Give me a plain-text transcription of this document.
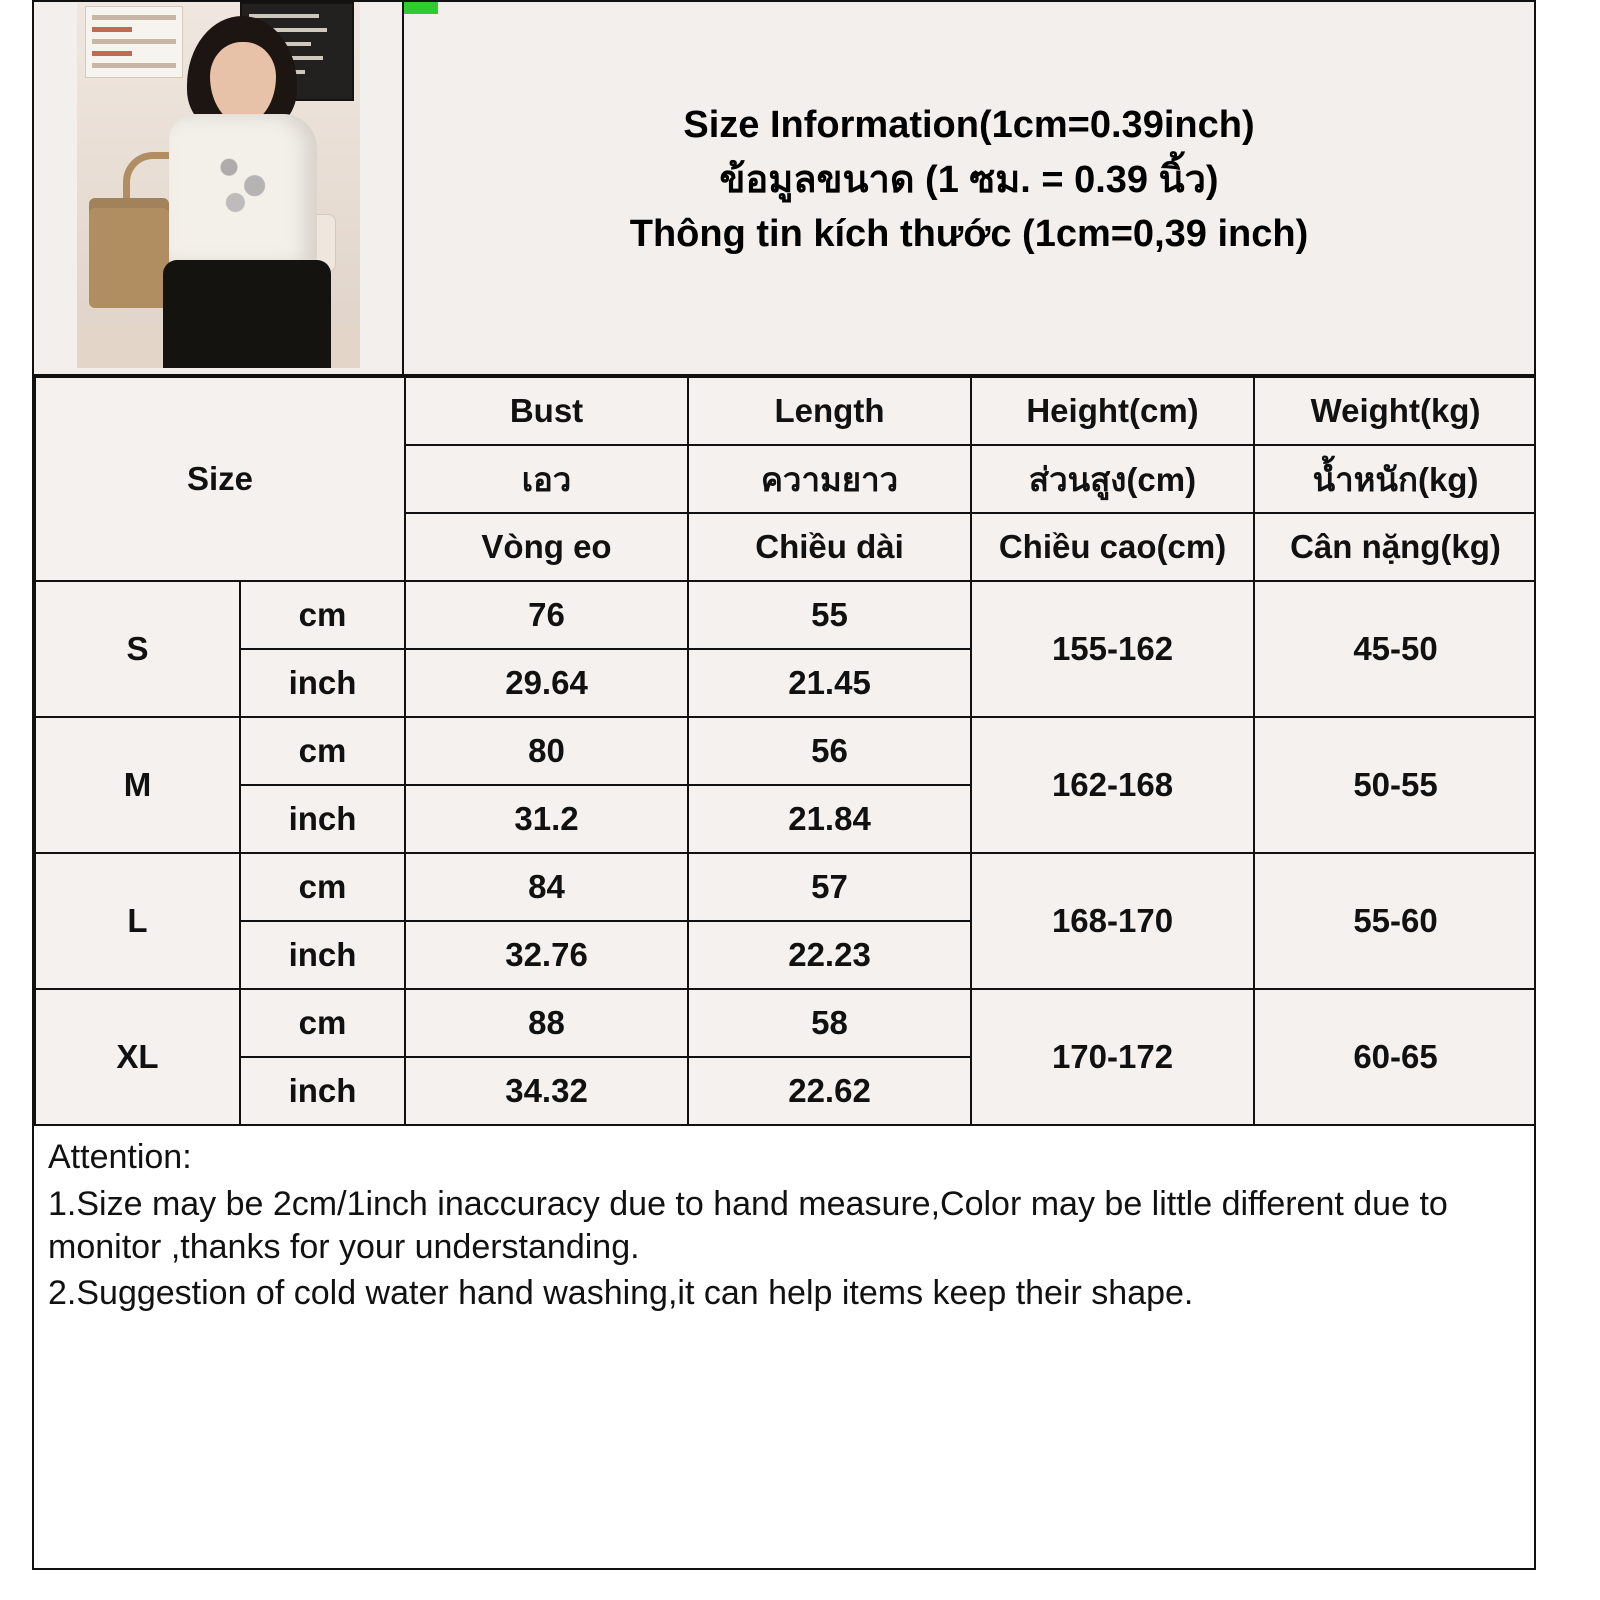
Size Information(1cm=0.39inch)
ข้อมูลขนาด (1 ซม. = 0.39 นิ้ว)
Thông tin kích thước (1cm=0,39 inch)
Size		Bust	Length	Height(cm)	Weight(kg)
		เอว	ความยาว	ส่วนสูง(cm)	น้ำหนัก(kg)
		Vòng eo	Chiều dài	Chiều cao(cm)	Cân nặng(kg)
S	cm	76	55	155-162	45-50
	inch	29.64	21.45		
M	cm	80	56	162-168	50-55
	inch	31.2	21.84		
L	cm	84	57	168-170	55-60
	inch	32.76	22.23		
XL	cm	88	58	170-172	60-65
	inch	34.32	22.62		

Attention:

1.Size may be 2cm/1inch inaccuracy due to hand measure,Color may be little different due to monitor ,thanks for your understanding.

2.Suggestion of cold water hand washing,it can help items keep their shape.
